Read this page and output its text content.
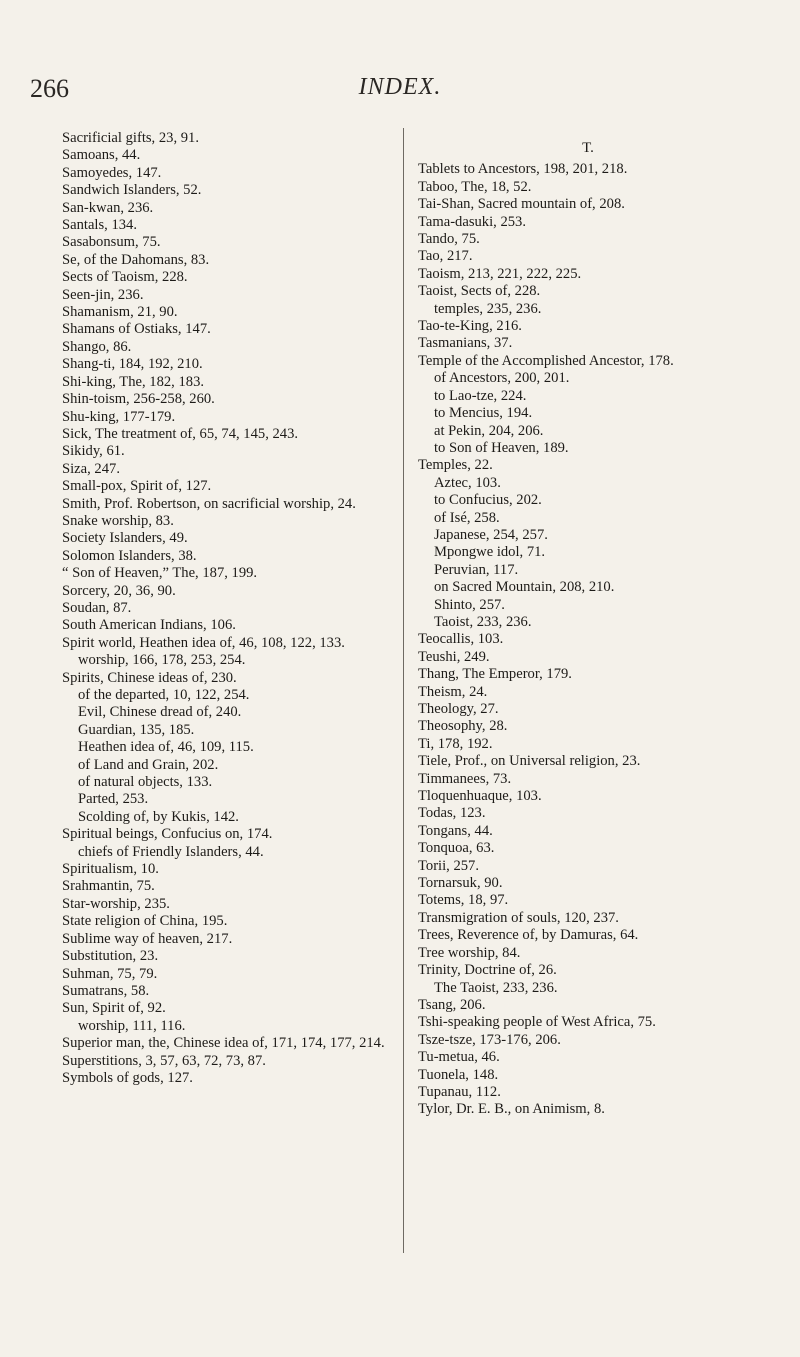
266	INDEX.

Sacrificial gifts, 23, 91.

Samoans, 44.

Samoyedes, 147.

Sandwich Islanders, 52.

San-kwan, 236.

Santals, 134.

Sasabonsum, 75.

Se, of the Dahomans, 83.

Sects of Taoism, 228.

Seen-jin, 236.

Shamanism, 21, 90.

Shamans of Ostiaks, 147.

Shango, 86.

Shang-ti, 184, 192, 210.

Shi-king, The, 182, 183.

Shin-toism, 256-258, 260.

Shu-king, 177-179.

Sick, The treatment of, 65, 74, 145, 243.

Sikidy, 61.

Siza, 247.

Small-pox, Spirit of, 127.

Smith, Prof. Robertson, on sacrificial worship, 24.

Snake worship, 83.

Society Islanders, 49.

Solomon Islanders, 38.

“ Son of Heaven,” The, 187, 199.

Sorcery, 20, 36, 90.

Soudan, 87.

South American Indians, 106.

Spirit world, Heathen idea of, 46, 108, 122, 133.

worship, 166, 178, 253, 254.

Spirits, Chinese ideas of, 230.

of the departed, 10, 122, 254.

Evil, Chinese dread of, 240.

Guardian, 135, 185.

Heathen idea of, 46, 109, 115.

of Land and Grain, 202.

of natural objects, 133.

Parted, 253.

Scolding of, by Kukis, 142.

Spiritual beings, Confucius on, 174.

chiefs of Friendly Islanders, 44.

Spiritualism, 10.

Srahmantin, 75.

Star-worship, 235.

State religion of China, 195.

Sublime way of heaven, 217.

Substitution, 23.

Suhman, 75, 79.

Sumatrans, 58.

Sun, Spirit of, 92.

worship, 111, 116.

Superior man, the, Chinese idea of, 171, 174, 177, 214.

Superstitions, 3, 57, 63, 72, 73, 87.

Symbols of gods, 127.

T.

Tablets to Ancestors, 198, 201, 218.

Taboo, The, 18, 52.

Tai-Shan, Sacred mountain of, 208.

Tama-dasuki, 253.

Tando, 75.

Tao, 217.

Taoism, 213, 221, 222, 225.

Taoist, Sects of, 228.

temples, 235, 236.

Tao-te-King, 216.

Tasmanians, 37.

Temple of the Accomplished Ancestor, 178.

of Ancestors, 200, 201.

to Lao-tze, 224.

to Mencius, 194.

at Pekin, 204, 206.

to Son of Heaven, 189.

Temples, 22.

Aztec, 103.

to Confucius, 202.

of Isé, 258.

Japanese, 254, 257.

Mpongwe idol, 71.

Peruvian, 117.

on Sacred Mountain, 208, 210.

Shinto, 257.

Taoist, 233, 236.

Teocallis, 103.

Teushi, 249.

Thang, The Emperor, 179.

Theism, 24.

Theology, 27.

Theosophy, 28.

Ti, 178, 192.

Tiele, Prof., on Universal religion, 23.

Timmanees, 73.

Tloquenhuaque, 103.

Todas, 123.

Tongans, 44.

Tonquoa, 63.

Torii, 257.

Tornarsuk, 90.

Totems, 18, 97.

Transmigration of souls, 120, 237.

Trees, Reverence of, by Damuras, 64.

Tree worship, 84.

Trinity, Doctrine of, 26.

The Taoist, 233, 236.

Tsang, 206.

Tshi-speaking people of West Africa, 75.

Tsze-tsze, 173-176, 206.

Tu-metua, 46.

Tuonela, 148.

Tupanau, 112.

Tylor, Dr. E. B., on Animism, 8.
